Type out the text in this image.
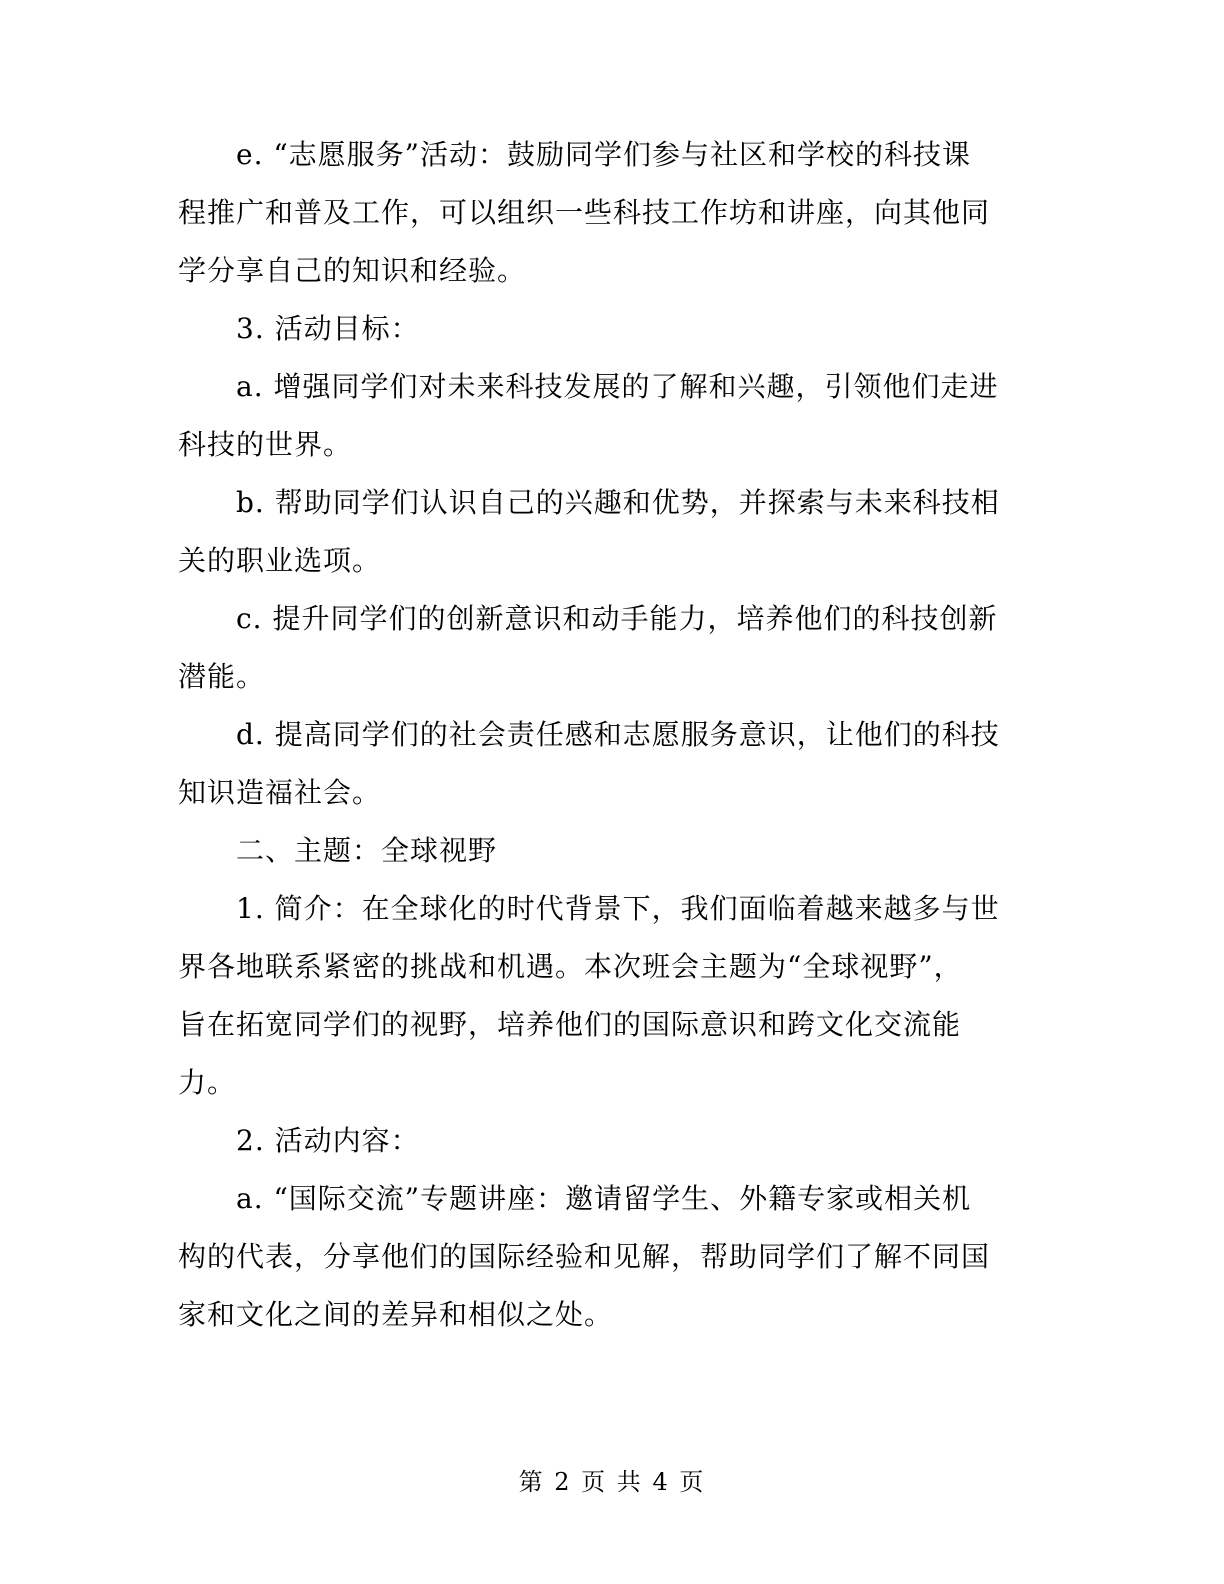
e. “志愿服务”活动：鼓励同学们参与社区和学校的科技课
程推广和普及工作，可以组织一些科技工作坊和讲座，向其他同
学分享自己的知识和经验。

3. 活动目标：

a. 增强同学们对未来科技发展的了解和兴趣，引领他们走进
科技的世界。

b. 帮助同学们认识自己的兴趣和优势，并探索与未来科技相
关的职业选项。

c. 提升同学们的创新意识和动手能力，培养他们的科技创新
潜能。

d. 提高同学们的社会责任感和志愿服务意识，让他们的科技
知识造福社会。

二、主题：全球视野

1. 简介：在全球化的时代背景下，我们面临着越来越多与世
界各地联系紧密的挑战和机遇。本次班会主题为“全球视野”，
旨在拓宽同学们的视野，培养他们的国际意识和跨文化交流能
力。

2. 活动内容：

a. “国际交流”专题讲座：邀请留学生、外籍专家或相关机
构的代表，分享他们的国际经验和见解，帮助同学们了解不同国
家和文化之间的差异和相似之处。

第 2 页 共 4 页
